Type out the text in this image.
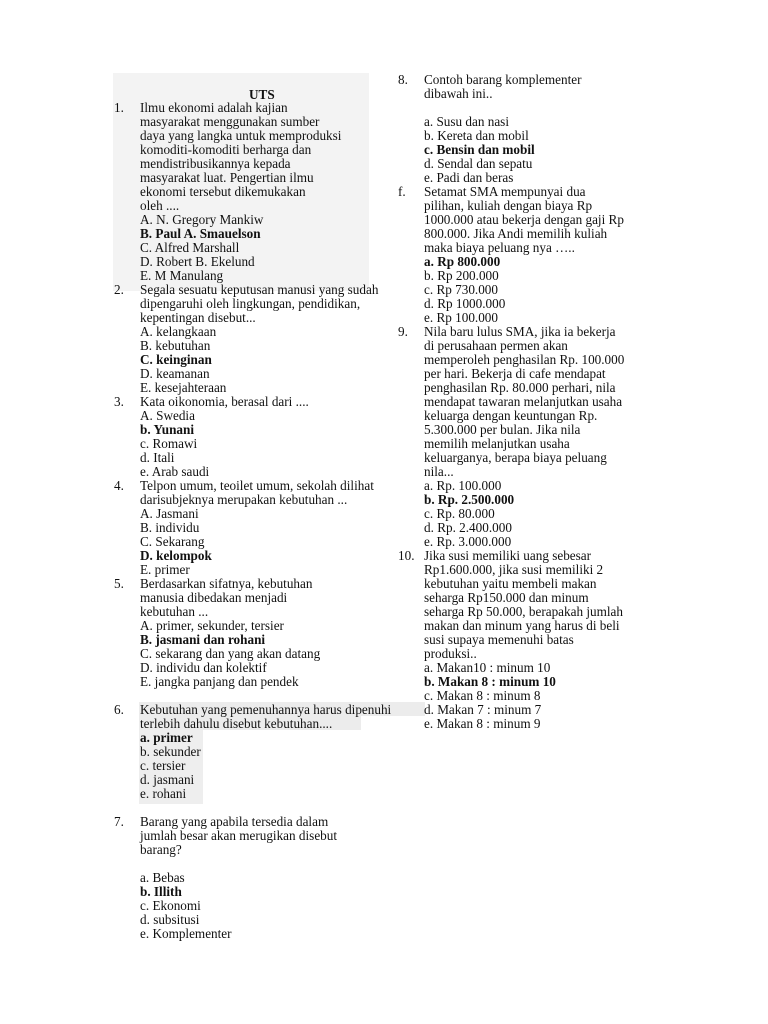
UTS
1. Ilmu ekonomi adalah kajian
masyarakat menggunakan sumber
daya yang langka untuk memproduksi
komoditi-komoditi berharga dan
mendistribusikannya kepada
masyarakat luat. Pengertian ilmu
ekonomi tersebut dikemukakan
oleh ....
A. N. Gregory Mankiw
B. Paul A. Smauelson
C. Alfred Marshall
D. Robert B. Ekelund
E. M Manulang
2. Segala sesuatu keputusan manusi yang sudah
dipengaruhi oleh lingkungan, pendidikan,
kepentingan disebut...
A. kelangkaan
B. kebutuhan
C. keinginan
D. keamanan
E. kesejahteraan
3. Kata oikonomia, berasal dari ....
A. Swedia
b. Yunani
c. Romawi
d. Itali
e. Arab saudi
4. Telpon umum, teoilet umum, sekolah dilihat
darisubjeknya merupakan kebutuhan ...
A. Jasmani
B. individu
C. Sekarang
D. kelompok
E. primer
5. Berdasarkan sifatnya, kebutuhan
manusia dibedakan menjadi
kebutuhan ...
A. primer, sekunder, tersier
B. jasmani dan rohani
C. sekarang dan yang akan datang
D. individu dan kolektif
E. jangka panjang dan pendek
6. Kebutuhan yang pemenuhannya harus dipenuhi
terlebih dahulu disebut kebutuhan....
a. primer
b. sekunder
c. tersier
d. jasmani
e. rohani
7. Barang yang apabila tersedia dalam
jumlah besar akan merugikan disebut
barang?
a. Bebas
b. Illith
c. Ekonomi
d. subsitusi
e. Komplementer
8. Contoh barang komplementer
dibawah ini..
a. Susu dan nasi
b. Kereta dan mobil
c. Bensin dan mobil
d. Sendal dan sepatu
e. Padi dan beras
f. Setamat SMA mempunyai dua
pilihan, kuliah dengan biaya Rp
1000.000 atau bekerja dengan gaji Rp
800.000. Jika Andi memilih kuliah
maka biaya peluang nya …..
a. Rp 800.000
b. Rp 200.000
c. Rp 730.000
d. Rp 1000.000
e. Rp 100.000
9. Nila baru lulus SMA, jika ia bekerja
di perusahaan permen akan
memperoleh penghasilan Rp. 100.000
per hari. Bekerja di cafe mendapat
penghasilan Rp. 80.000 perhari, nila
mendapat tawaran melanjutkan usaha
keluarga dengan keuntungan Rp.
5.300.000 per bulan. Jika nila
memilih melanjutkan usaha
keluarganya, berapa biaya peluang
nila...
a. Rp. 100.000
b. Rp. 2.500.000
c. Rp. 80.000
d. Rp. 2.400.000
e. Rp. 3.000.000
10. Jika susi memiliki uang sebesar
Rp1.600.000, jika susi memiliki 2
kebutuhan yaitu membeli makan
seharga Rp150.000 dan minum
seharga Rp 50.000, berapakah jumlah
makan dan minum yang harus di beli
susi supaya memenuhi batas
produksi..
a. Makan10 : minum 10
b. Makan 8 : minum 10
c. Makan 8 : minum 8
d. Makan 7 : minum 7
e. Makan 8 : minum 9
